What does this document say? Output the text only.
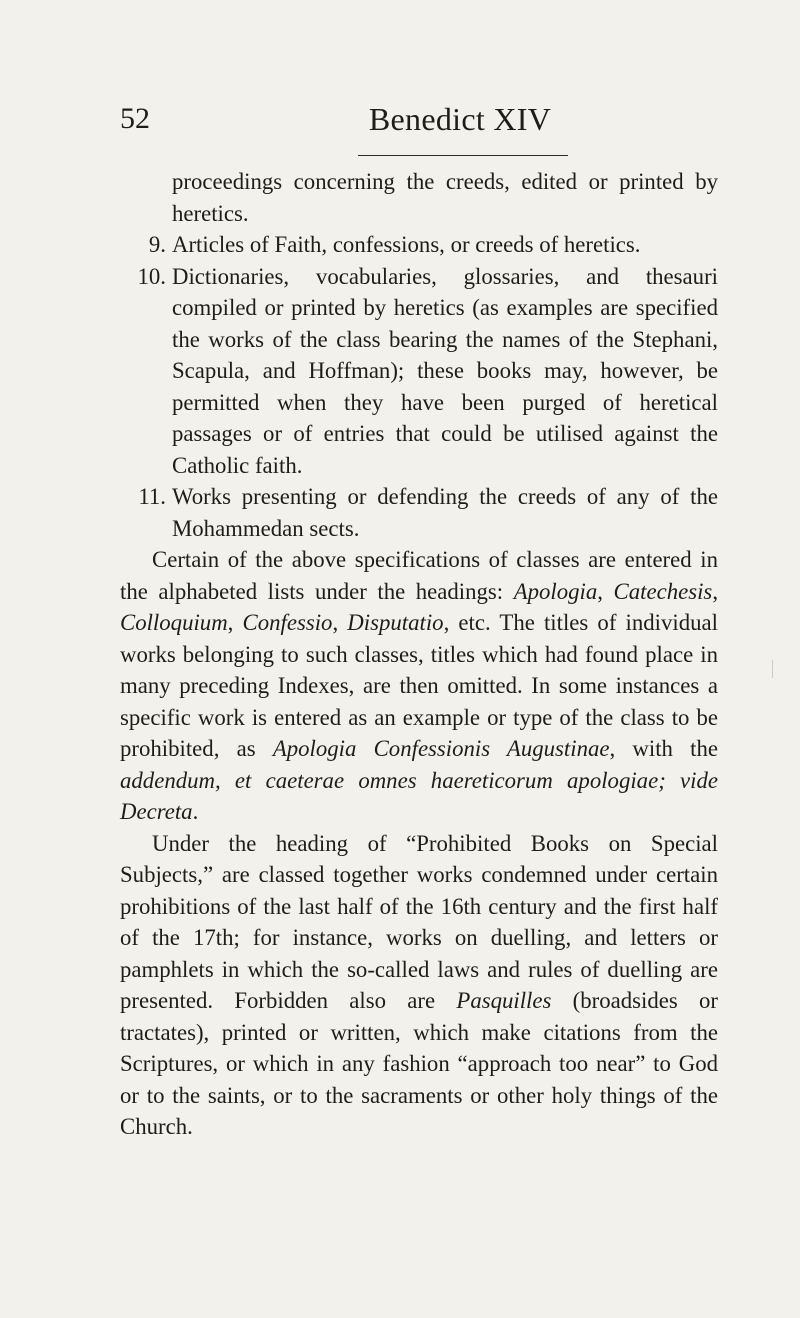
52	Benedict XIV

proceedings concerning the creeds, edited or printed by heretics.

9. Articles of Faith, confessions, or creeds of heretics.

10. Dictionaries, vocabularies, glossaries, and thesauri compiled or printed by heretics (as examples are specified the works of the class bearing the names of the Stephani, Scapula, and Hoffman); these books may, however, be permitted when they have been purged of heretical passages or of entries that could be utilised against the Catholic faith.

11. Works presenting or defending the creeds of any of the Mohammedan sects.

Certain of the above specifications of classes are entered in the alphabeted lists under the headings: Apologia, Catechesis, Colloquium, Confessio, Disputatio, etc. The titles of individual works belonging to such classes, titles which had found place in many preceding Indexes, are then omitted. In some instances a specific work is entered as an example or type of the class to be prohibited, as Apologia Confessionis Augustinae, with the addendum, et caeterae omnes haereticorum apologiae; vide Decreta.

Under the heading of “Prohibited Books on Special Subjects,” are classed together works condemned under certain prohibitions of the last half of the 16th century and the first half of the 17th; for instance, works on duelling, and letters or pamphlets in which the so-called laws and rules of duelling are presented. Forbidden also are Pasquilles (broadsides or tractates), printed or written, which make citations from the Scriptures, or which in any fashion “approach too near” to God or to the saints, or to the sacraments or other holy things of the Church.
